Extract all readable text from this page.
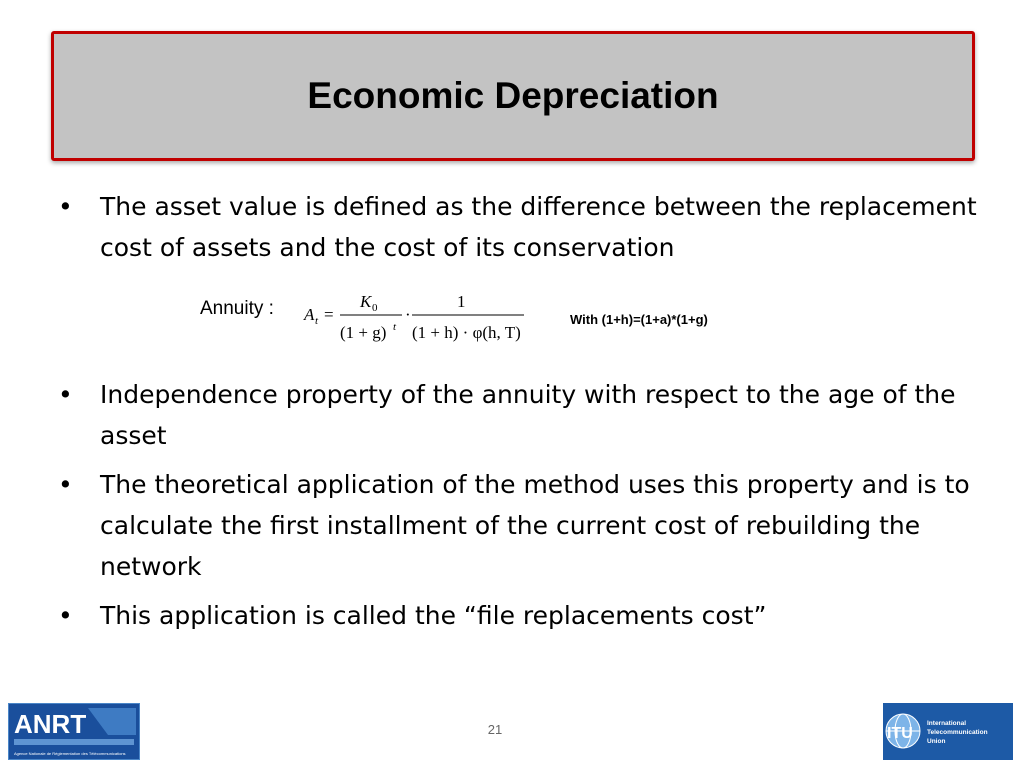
Economic Depreciation
•	The asset value is defined as the difference between the replacement cost of assets and the cost of its conservation
•	Independence property of the annuity with respect to the age of the asset
•	The theoretical application of the method uses this property and is to calculate the first installment of the current cost of rebuilding the network
•	This application is called the “file replacements cost”
Annuity : A t =
K 0
(1 + g) t
·
1
(1 + h) · φ(h, T)
With (1+h)=(1+a)*(1+g)
ANRT
Agence Nationale de Réglementation des Télécommunications
21	ITU
International
Telecommunication
Union
